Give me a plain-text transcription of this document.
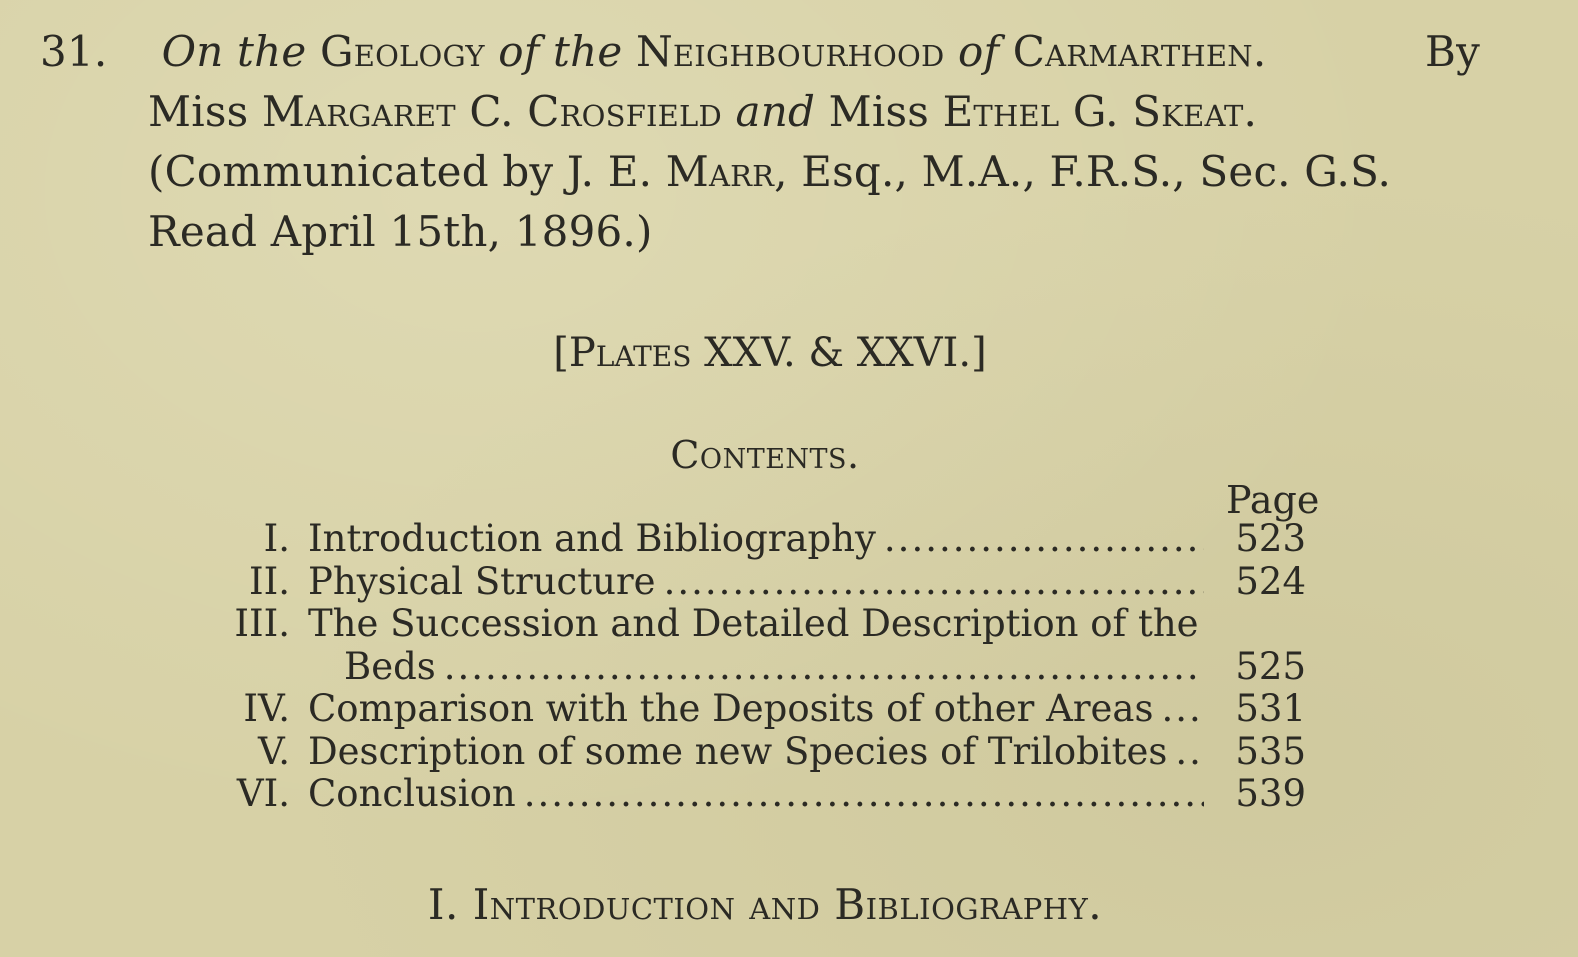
31. On the Geology of the Neighbourhood of Carmarthen.	By
Miss Margaret C. Crosfield and Miss Ethel G. Skeat.
(Communicated by J. E. Marr, Esq., M.A., F.R.S., Sec. G.S.
Read April 15th, 1896.)
[Plates XXV. & XXVI.]
Contents.
Page
I. Introduction and Bibliography .....	523
II. Physical Structure .....	524
III. The Succession and Detailed Description of the
Beds .....	525
IV. Comparison with the Deposits of other Areas .....	531
V. Description of some new Species of Trilobites .....	535
VI. Conclusion .....	539
I. Introduction and Bibliography.
